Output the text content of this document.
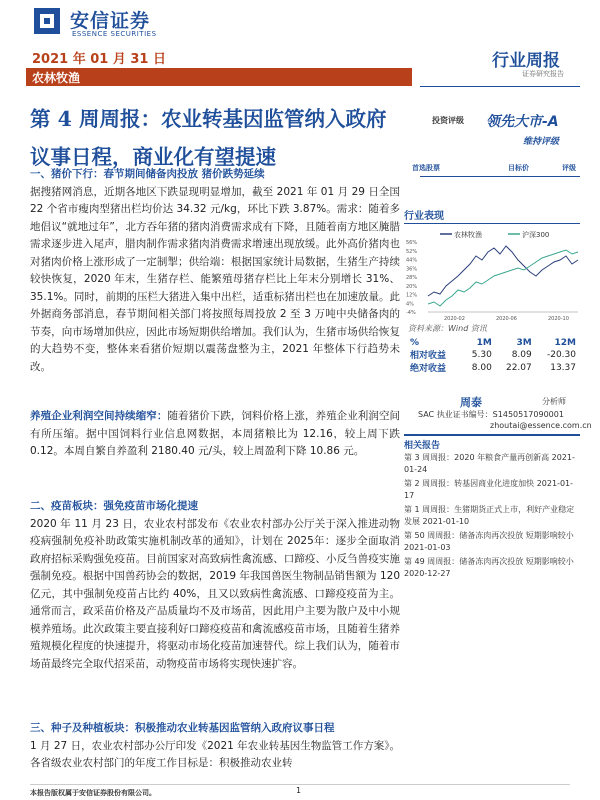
安信证券
ESSENCE SECURITIES
2021 年 01 月 31 日	行业周报
证券研究报告
农林牧渔
第 4 周周报：农业转基因监管纳入政府议事日程，商业化有望提速
投资评级 领先大市-A
维持评级
首选股票	目标价	评级
一、猪价下行：春节期间储备肉投放 猪价跌势延续
据搜猪网消息，近期各地区下跌显现明显增加，截至 2021 年 01 月 29 日全国 22 个省市瘦肉型猪出栏均价达 34.32 元/kg，环比下跌 3.87%。需求：随着多地倡议“就地过年”，北方吞年猪的猪肉消费需求成有下降，且随着南方地区腌腊需求逐步进入尾声，腊肉制作需求猪肉消费需求增速出现放缓。此外高价猪肉也对猪肉价格上涨形成了一定制掣；供给端：根据国家统计局数据，生猪生产持续较快恢复，2020 年末，生猪存栏、能繁殖母猪存栏比上年末分别增长 31%、35.1%。同时，前期的压栏大猪进入集中出栏，适重标猪出栏也在加速放量。此外据商务部消息，春节期间相关部门将按照每周投放 2 至 3 万吨中央储备肉的节奏，向市场增加供应，因此市场短期供给增加。我们认为，生猪市场供给恢复的大趋势不变，整体来看猪价短期以震荡盘整为主，2021 年整体下行趋势未改。
养殖企业利润空间持续缩窄：随着猪价下跌，饲料价格上涨，养殖企业利润空间有所压缩。据中国饲料行业信息网数据，本周猪粮比为 12.16，较上周下跌 0.12。本周自繁自养盈利 2180.40 元/头，较上周盈利下降 10.86 元。
二、疫苗板块：强免疫苗市场化提速
2020 年 11 月 23 日，农业农村部发布《农业农村部办公厅关于深入推进动物疫病强制免疫补助政策实施机制改革的通知》，计划在 2025年：逐步全面取消政府招标采购强免疫苗。目前国家对高致病性禽流感、口蹄疫、小反刍兽疫实施强制免疫。根据中国兽药协会的数据，2019 年我国兽医生物制品销售额为 120 亿元，其中强制免疫苗占比约 40%，且又以致病性禽流感、口蹄疫疫苗为主。通常而言，政采苗价格及产品质量均不及市场苗，因此用户主要为散户及中小规模养殖场。此次政策主要直接利好口蹄疫疫苗和禽流感疫苗市场，且随着生猪养殖规模化程度的快速提升，将驱动市场化疫苗加速替代。综上我们认为，随着市场苗最终完全取代招采苗，动物疫苗市场将实现快速扩容。
三、种子及种植板块：积极推动农业转基因监管纳入政府议事日程
1 月 27 日，农业农村部办公厅印发《2021 年农业转基因生物监管工作方案》。各省级农业农村部门的年度工作目标是：积极推动农业转
行业表现
-4%
4%
12%
20%
28%
36%
44%
52%
56%
2020-02	2020-06	2020-10
农林牧渔	沪深300
资料来源：Wind 资讯
%	1M	3M	12M
相对收益	5.30	8.09	-20.30
绝对收益	8.00	22.07	13.37
周泰	分析师
SAC 执业证书编号：S1450517090001
zhoutai@essence.com.cn
相关报告
第 3 周周报：2020 年粮食产量再创新高 2021-01-24
第 2 周周报：转基因商业化进度加快 2021-01-17
第 1 周周报：生猪期货正式上市，利好产业稳定发展 2021-01-10
第 50 周周报：储备冻肉再次投放 短期影响较小 2021-01-03
第 49 周周报：储备冻肉再次投放 短期影响较小 2020-12-27
本报告版权属于安信证券股份有限公司。	1
